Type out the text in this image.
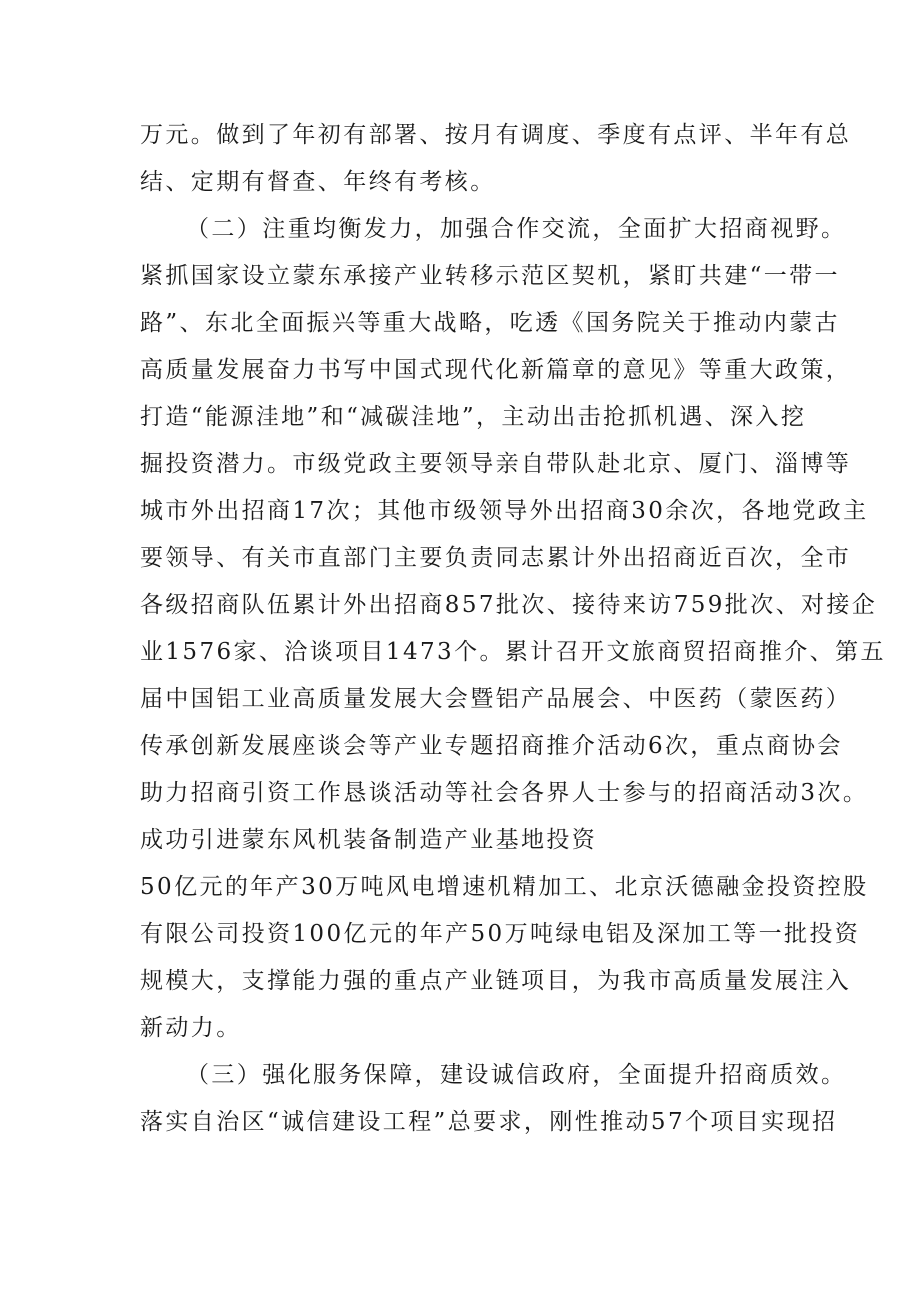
万元。做到了年初有部署、按月有调度、季度有点评、半年有总
结、定期有督查、年终有考核。
（二）注重均衡发力，加强合作交流，全面扩大招商视野。
紧抓国家设立蒙东承接产业转移示范区契机，紧盯共建“一带一
路”、东北全面振兴等重大战略，吃透《国务院关于推动内蒙古
高质量发展奋力书写中国式现代化新篇章的意见》等重大政策，
打造“能源洼地”和“减碳洼地”，主动出击抢抓机遇、深入挖
掘投资潜力。市级党政主要领导亲自带队赴北京、厦门、淄博等
城市外出招商17次；其他市级领导外出招商30余次，各地党政主
要领导、有关市直部门主要负责同志累计外出招商近百次，全市
各级招商队伍累计外出招商857批次、接待来访759批次、对接企
业1576家、洽谈项目1473个。累计召开文旅商贸招商推介、第五
届中国铝工业高质量发展大会暨铝产品展会、中医药（蒙医药）
传承创新发展座谈会等产业专题招商推介活动6次，重点商协会
助力招商引资工作恳谈活动等社会各界人士参与的招商活动3次。
成功引进蒙东风机装备制造产业基地投资
50亿元的年产30万吨风电增速机精加工、北京沃德融金投资控股
有限公司投资100亿元的年产50万吨绿电铝及深加工等一批投资
规模大，支撑能力强的重点产业链项目，为我市高质量发展注入
新动力。
（三）强化服务保障，建设诚信政府，全面提升招商质效。
落实自治区“诚信建设工程”总要求，刚性推动57个项目实现招
